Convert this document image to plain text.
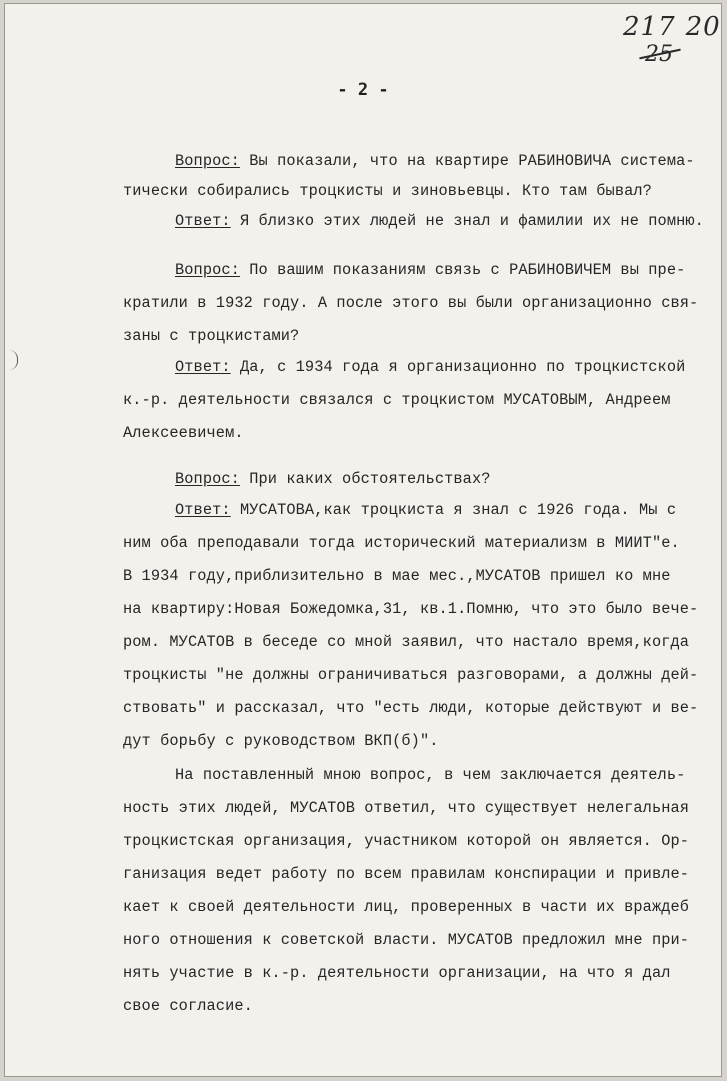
217 20
25
- 2 -
Вопрос: Вы показали, что на квартире РАБИНОВИЧА система-
тически собирались троцкисты и зиновьевцы. Кто там бывал?
Ответ: Я близко этих людей не знал и фамилии их не помню.
Вопрос: По вашим показаниям связь с РАБИНОВИЧЕМ вы пре-
кратили в 1932 году. А после этого вы были организационно свя-
заны с троцкистами?
Ответ: Да, с 1934 года я организационно по троцкистской
к.-р. деятельности связался с троцкистом МУСАТОВЫМ, Андреем
Алексеевичем.
Вопрос: При каких обстоятельствах?
Ответ: МУСАТОВА,как троцкиста я знал с 1926 года. Мы с
ним оба преподавали тогда исторический материализм в МИИТ"е.
В 1934 году,приблизительно в мае мес.,МУСАТОВ пришел ко мне
на квартиру:Новая Божедомка,31, кв.1.Помню, что это было вече-
ром. МУСАТОВ в беседе со мной заявил, что настало время,когда
троцкисты "не должны ограничиваться разговорами, а должны дей-
ствовать" и рассказал, что "есть люди, которые действуют и ве-
дут борьбу с руководством ВКП(б)".
На поставленный мною вопрос, в чем заключается деятель-
ность этих людей, МУСАТОВ ответил, что существует нелегальная
троцкистская организация, участником которой он является. Ор-
ганизация ведет работу по всем правилам конспирации и привле-
кает к своей деятельности лиц, проверенных в части их враждеб
ного отношения к советской власти. МУСАТОВ предложил мне при-
нять участие в к.-р. деятельности организации, на что я дал
свое согласие.
